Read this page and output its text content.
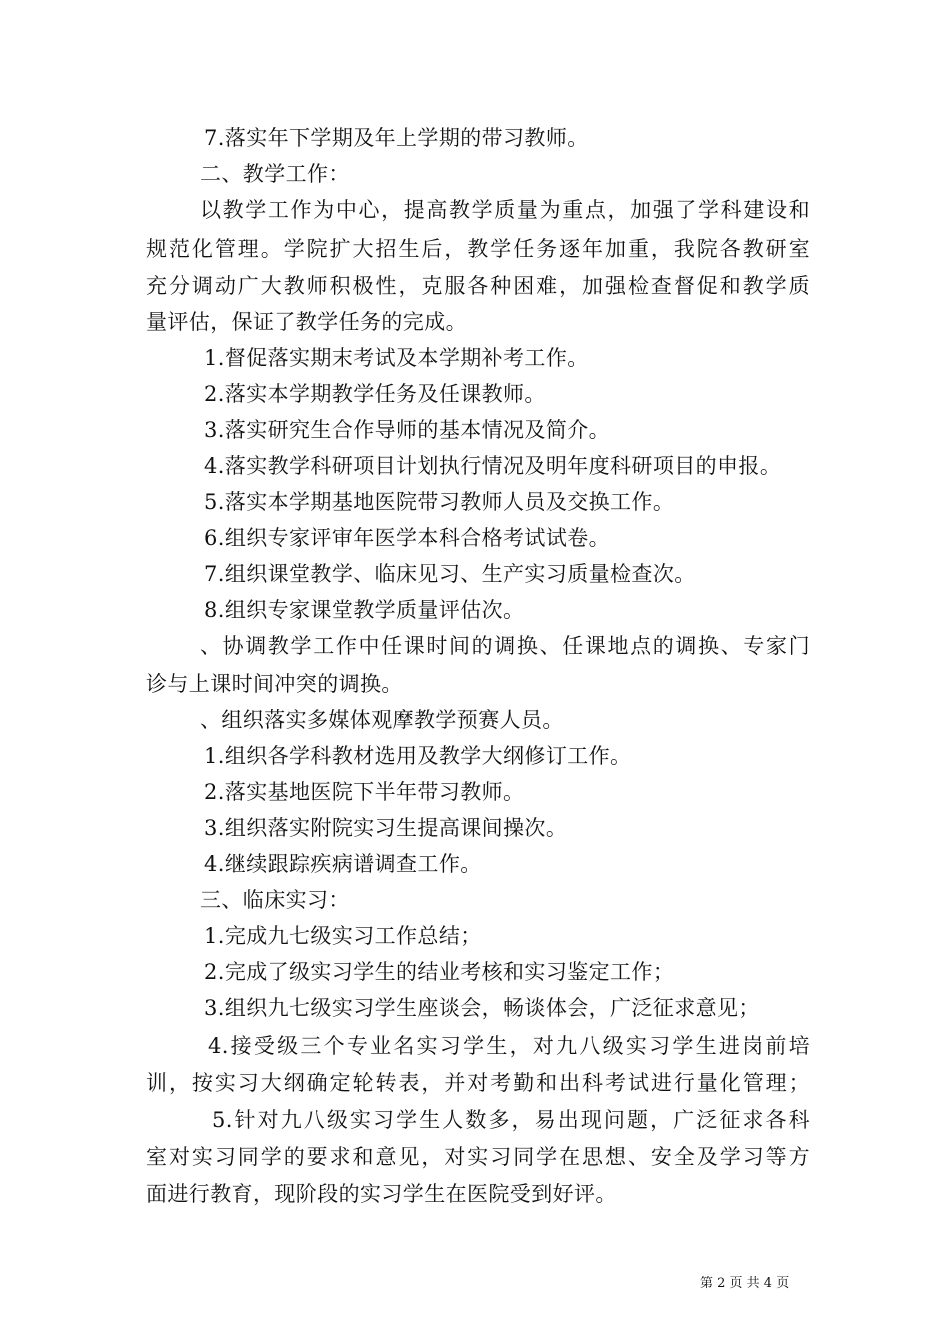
7.落实年下学期及年上学期的带习教师。
二、教学工作：
以教学工作为中心，提高教学质量为重点，加强了学科建设和
规范化管理。学院扩大招生后，教学任务逐年加重，我院各教研室
充分调动广大教师积极性，克服各种困难，加强检查督促和教学质
量评估，保证了教学任务的完成。
1.督促落实期末考试及本学期补考工作。
2.落实本学期教学任务及任课教师。
3.落实研究生合作导师的基本情况及简介。
4.落实教学科研项目计划执行情况及明年度科研项目的申报。
5.落实本学期基地医院带习教师人员及交换工作。
6.组织专家评审年医学本科合格考试试卷。
7.组织课堂教学、临床见习、生产实习质量检查次。
8.组织专家课堂教学质量评估次。
、协调教学工作中任课时间的调换、任课地点的调换、专家门
诊与上课时间冲突的调换。
、组织落实多媒体观摩教学预赛人员。
1.组织各学科教材选用及教学大纲修订工作。
2.落实基地医院下半年带习教师。
3.组织落实附院实习生提高课间操次。
4.继续跟踪疾病谱调查工作。
三、临床实习：
1.完成九七级实习工作总结；
2.完成了级实习学生的结业考核和实习鉴定工作；
3.组织九七级实习学生座谈会，畅谈体会，广泛征求意见；
4.接受级三个专业名实习学生，对九八级实习学生进岗前培
训，按实习大纲确定轮转表，并对考勤和出科考试进行量化管理；
5.针对九八级实习学生人数多，易出现问题，广泛征求各科
室对实习同学的要求和意见，对实习同学在思想、安全及学习等方
面进行教育，现阶段的实习学生在医院受到好评。
第 2 页 共 4 页
